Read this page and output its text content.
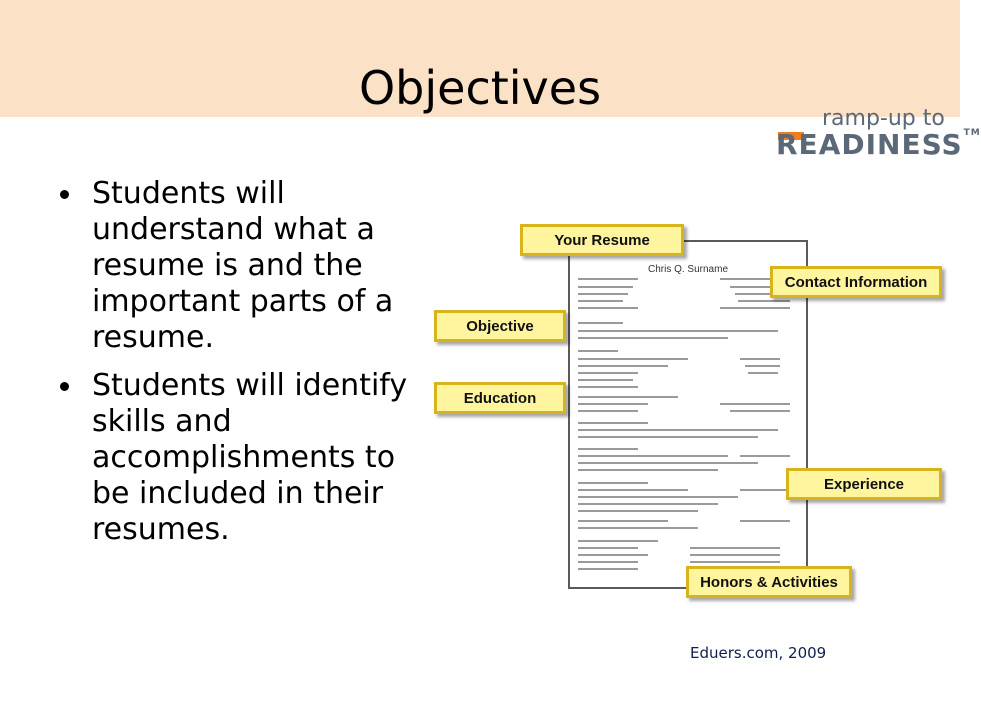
Objectives
ramp-up to
READINESS™
Students will understand what a resume is and the important parts of a resume.
Students will identify skills and accomplishments to be included in their resumes.
Chris Q. Surname
Your Resume
Contact Information
Objective
Education
Experience
Honors & Activities
Eduers.com, 2009
